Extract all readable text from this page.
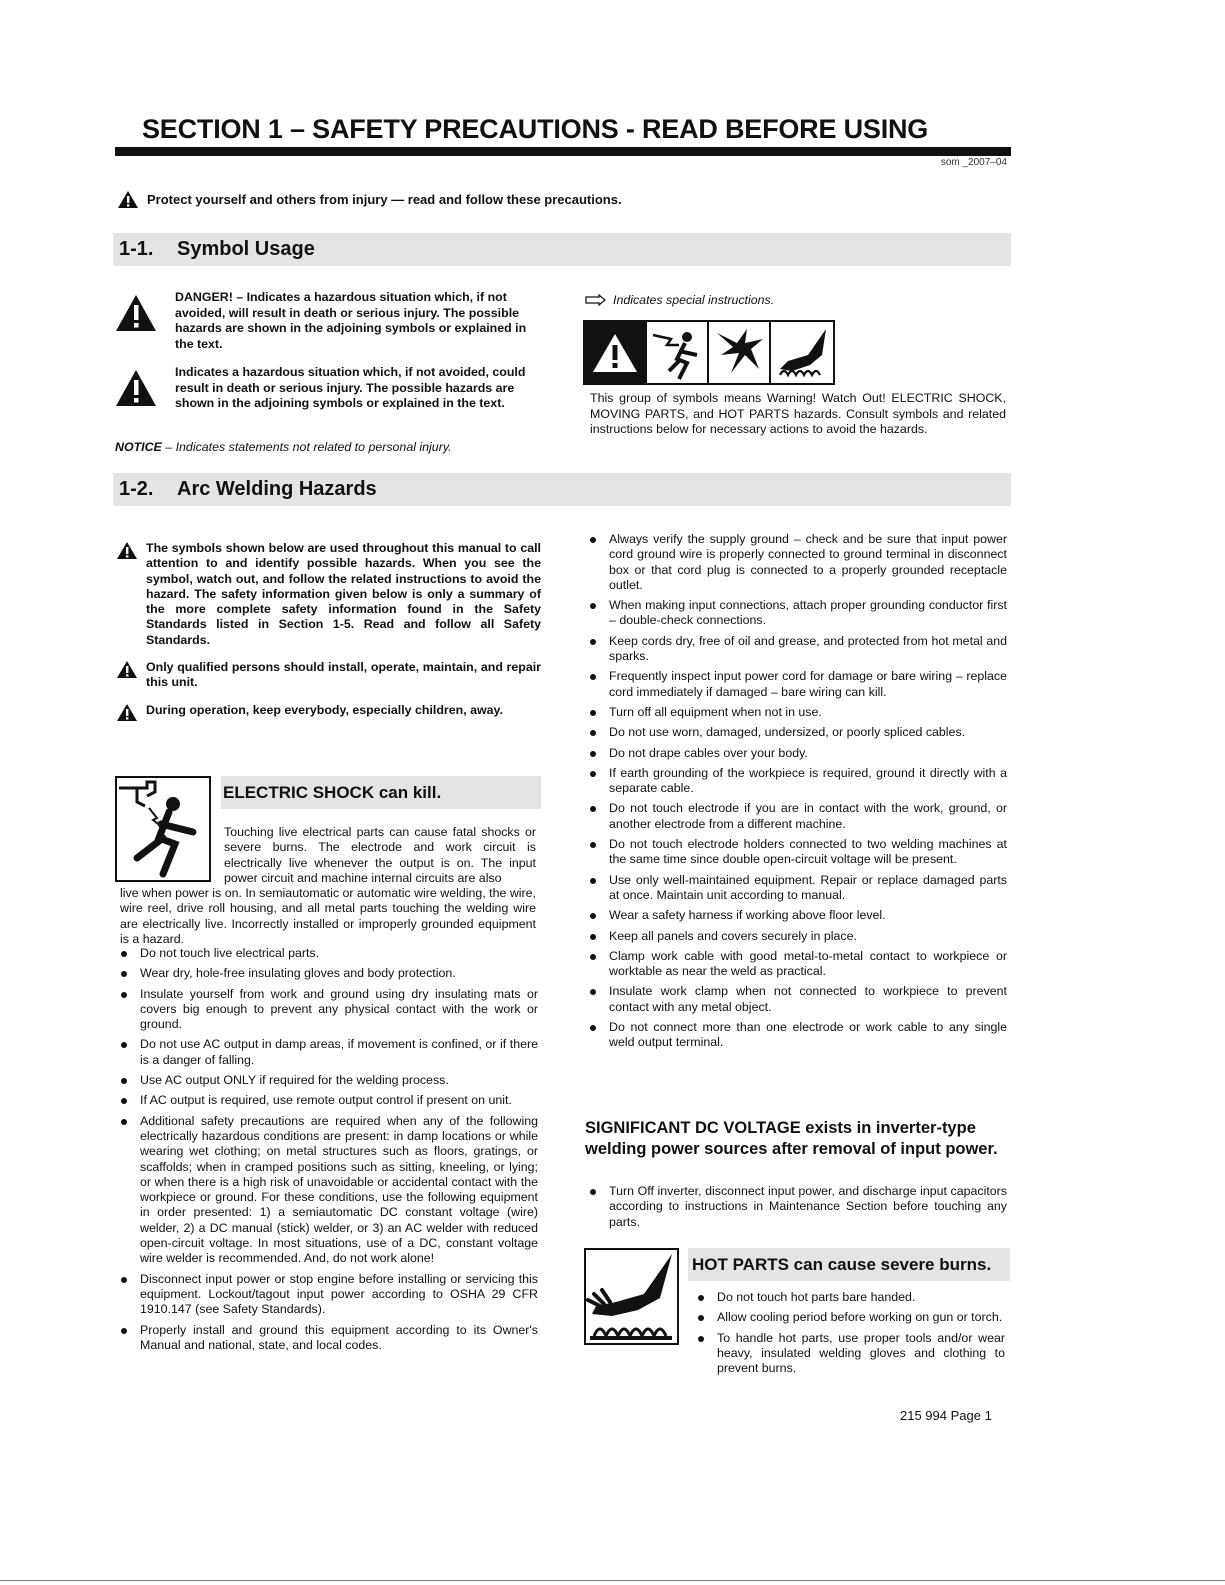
SECTION 1 – SAFETY PRECAUTIONS - READ BEFORE USING
som _2007–04
Protect yourself and others from injury — read and follow these precautions.
1-1.	Symbol Usage

DANGER! – Indicates a hazardous situation which, if not avoided, will result in death or serious injury. The possible hazards are shown in the adjoining symbols or explained in the text.

Indicates a hazardous situation which, if not avoided, could result in death or serious injury. The possible hazards are shown in the adjoining symbols or explained in the text.

NOTICE – Indicates statements not related to personal injury.
Indicates special instructions.

This group of symbols means Warning! Watch Out! ELECTRIC SHOCK, MOVING PARTS, and HOT PARTS hazards. Consult symbols and related instructions below for necessary actions to avoid the hazards.

1-2.	Arc Welding Hazards

The symbols shown below are used throughout this manual to call attention to and identify possible hazards. When you see the symbol, watch out, and follow the related instructions to avoid the hazard. The safety information given below is only a summary of the more complete safety information found in the Safety Standards listed in Section 1-5. Read and follow all Safety Standards.

Only qualified persons should install, operate, maintain, and repair this unit.

During operation, keep everybody, especially children, away.

ELECTRIC SHOCK can kill.

Touching live electrical parts can cause fatal shocks or severe burns. The electrode and work circuit is electrically live whenever the output is on. The input power circuit and machine internal circuits are also

live when power is on. In semiautomatic or automatic wire welding, the wire, wire reel, drive roll housing, and all metal parts touching the welding wire are electrically live. Incorrectly installed or improperly grounded equipment is a hazard.

Do not touch live electrical parts.
Wear dry, hole-free insulating gloves and body protection.
Insulate yourself from work and ground using dry insulating mats or covers big enough to prevent any physical contact with the work or ground.
Do not use AC output in damp areas, if movement is confined, or if there is a danger of falling.
Use AC output ONLY if required for the welding process.
If AC output is required, use remote output control if present on unit.
Additional safety precautions are required when any of the following electrically hazardous conditions are present: in damp locations or while wearing wet clothing; on metal structures such as floors, gratings, or scaffolds; when in cramped positions such as sitting, kneeling, or lying; or when there is a high risk of unavoidable or accidental contact with the workpiece or ground. For these conditions, use the following equipment in order presented: 1) a semiautomatic DC constant voltage (wire) welder, 2) a DC manual (stick) welder, or 3) an AC welder with reduced open-circuit voltage. In most situations, use of a DC, constant voltage wire welder is recommended. And, do not work alone!
Disconnect input power or stop engine before installing or servicing this equipment. Lockout/tagout input power according to OSHA 29 CFR 1910.147 (see Safety Standards).
Properly install and ground this equipment according to its Owner's Manual and national, state, and local codes.
Always verify the supply ground – check and be sure that input power cord ground wire is properly connected to ground terminal in disconnect box or that cord plug is connected to a properly grounded receptacle outlet.
When making input connections, attach proper grounding conductor first – double-check connections.
Keep cords dry, free of oil and grease, and protected from hot metal and sparks.
Frequently inspect input power cord for damage or bare wiring – replace cord immediately if damaged – bare wiring can kill.
Turn off all equipment when not in use.
Do not use worn, damaged, undersized, or poorly spliced cables.
Do not drape cables over your body.
If earth grounding of the workpiece is required, ground it directly with a separate cable.
Do not touch electrode if you are in contact with the work, ground, or another electrode from a different machine.
Do not touch electrode holders connected to two welding machines at the same time since double open-circuit voltage will be present.
Use only well-maintained equipment. Repair or replace damaged parts at once. Maintain unit according to manual.
Wear a safety harness if working above floor level.
Keep all panels and covers securely in place.
Clamp work cable with good metal-to-metal contact to workpiece or worktable as near the weld as practical.
Insulate work clamp when not connected to workpiece to prevent contact with any metal object.
Do not connect more than one electrode or work cable to any single weld output terminal.
SIGNIFICANT DC VOLTAGE exists in inverter-type welding power sources after removal of input power.
Turn Off inverter, disconnect input power, and discharge input capacitors according to instructions in Maintenance Section before touching any parts.
HOT PARTS can cause severe burns.
Do not touch hot parts bare handed.
Allow cooling period before working on gun or torch.
To handle hot parts, use proper tools and/or wear heavy, insulated welding gloves and clothing to prevent burns.
215 994 Page 1
